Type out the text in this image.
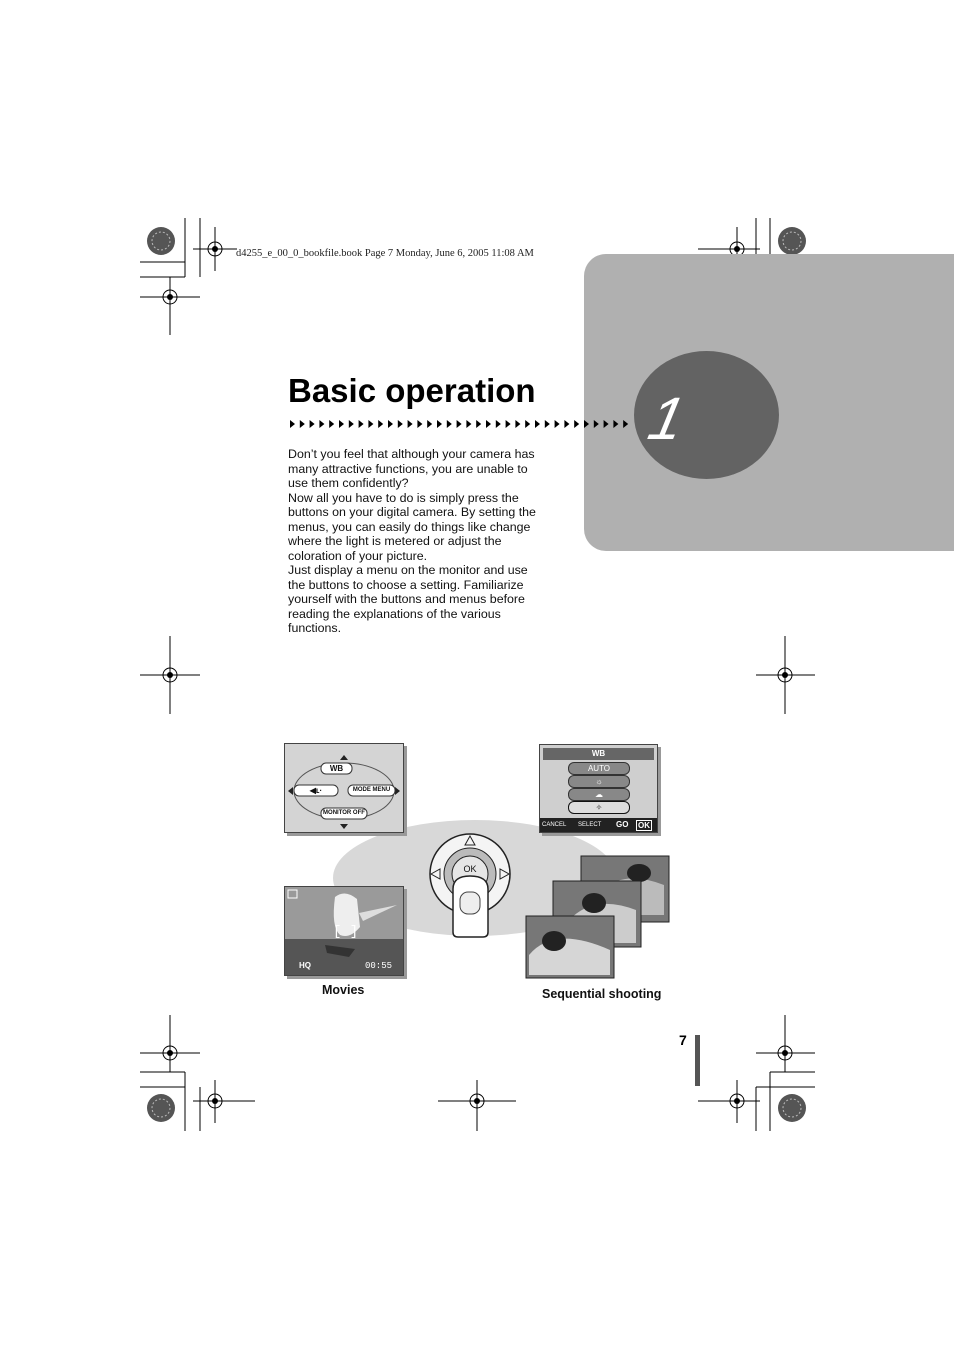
d4255_e_00_0_bookfile.book Page 7 Monday, June 6, 2005 11:08 AM
1
Basic operation

Don’t you feel that although your camera has many attractive functions, you are unable to use them confidently?

Now all you have to do is simply press the buttons on your digital camera. By setting the menus, you can easily do things like change where the light is metered or adjust the coloration of your picture.

Just display a menu on the monitor and use the buttons to choose a setting. Familiarize yourself with the buttons and menus before reading the explanations of the various functions.

WB
◀ʟ·	MODE MENU
MONITOR OFF
WB
AUTO
☼
☁
✧
CANCEL SELECT GO OK
OK
[ ]
HQ	00:55
Movies	Sequential shooting
7
